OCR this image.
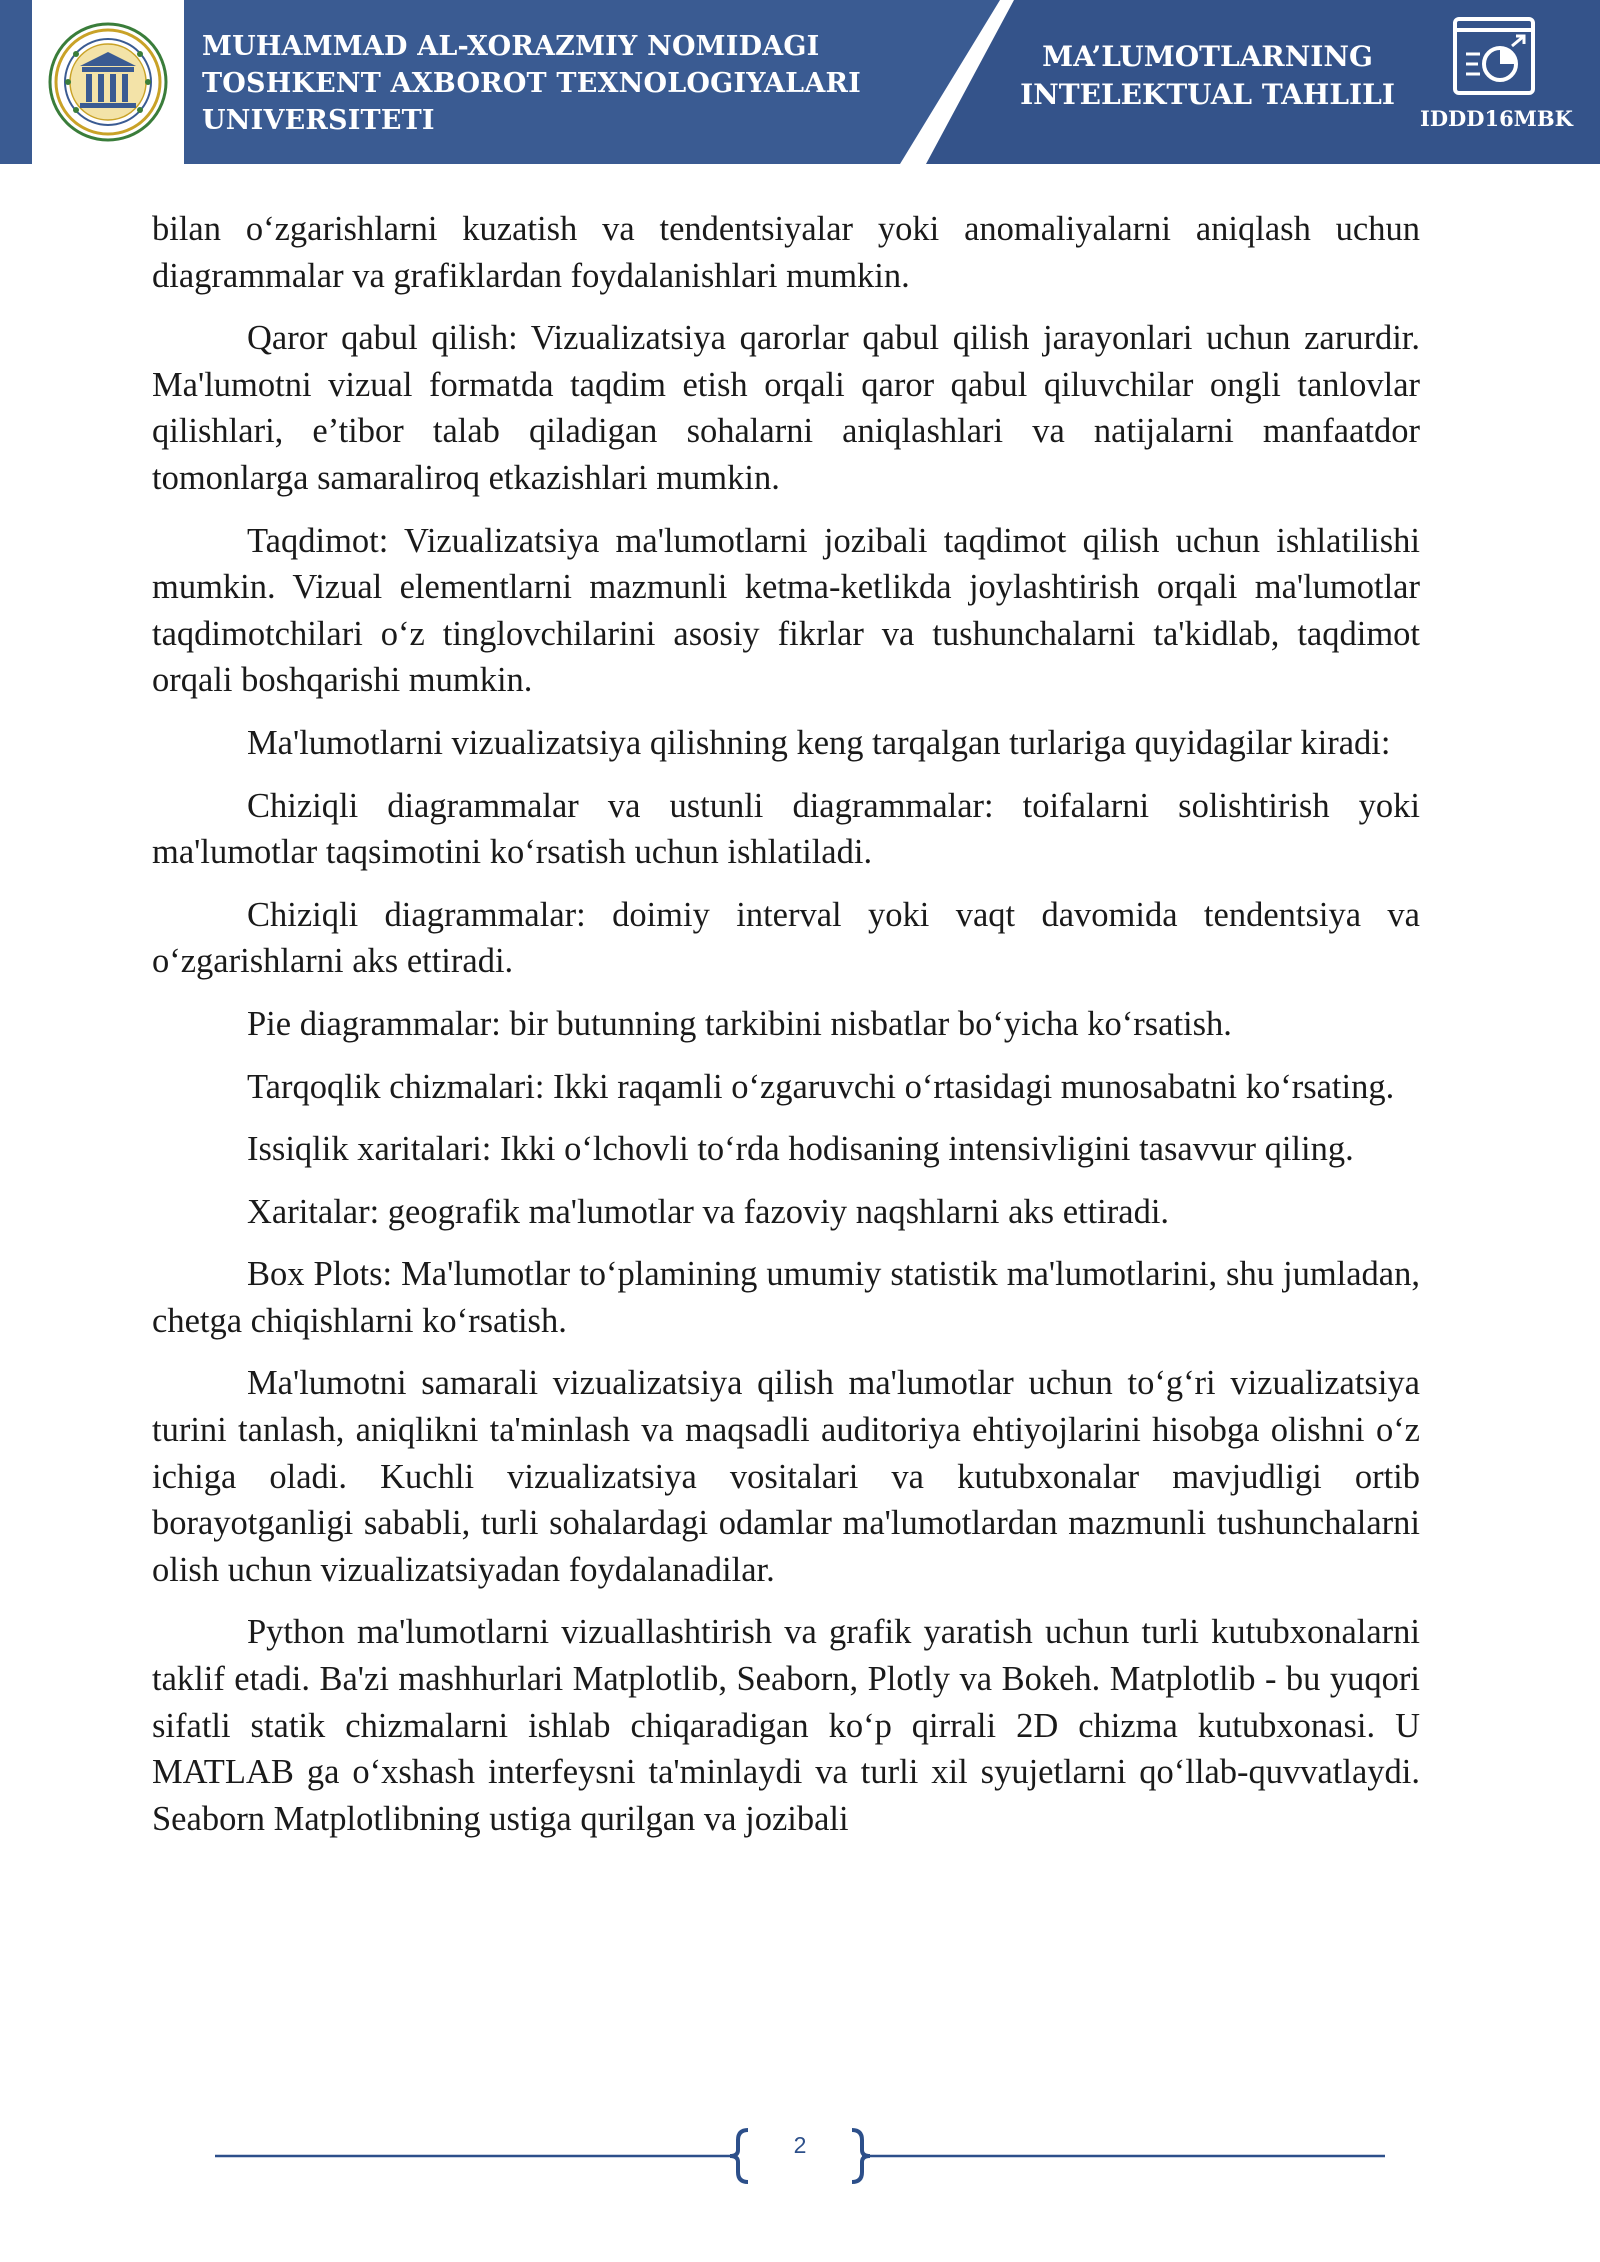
MUHAMMAD AL-XORAZMIY NOMIDAGI
TOSHKENT AXBOROT TEXNOLOGIYALARI
UNIVERSITETI
MA’LUMOTLARNING
INTELEKTUAL TAHLILI
IDDD16MBK

bilan o‘zgarishlarni kuzatish va tendentsiyalar yoki anomaliyalarni aniqlash uchun diagrammalar va grafiklardan foydalanishlari mumkin.

Qaror qabul qilish: Vizualizatsiya qarorlar qabul qilish jarayonlari uchun zarurdir. Ma'lumotni vizual formatda taqdim etish orqali qaror qabul qiluvchilar ongli tanlovlar qilishlari, e’tibor talab qiladigan sohalarni aniqlashlari va natijalarni manfaatdor tomonlarga samaraliroq etkazishlari mumkin.

Taqdimot: Vizualizatsiya ma'lumotlarni jozibali taqdimot qilish uchun ishlatilishi mumkin. Vizual elementlarni mazmunli ketma-ketlikda joylashtirish orqali ma'lumotlar taqdimotchilari o‘z tinglovchilarini asosiy fikrlar va tushunchalarni ta'kidlab, taqdimot orqali boshqarishi mumkin.

Ma'lumotlarni vizualizatsiya qilishning keng tarqalgan turlariga quyidagilar kiradi:

Chiziqli diagrammalar va ustunli diagrammalar: toifalarni solishtirish yoki ma'lumotlar taqsimotini ko‘rsatish uchun ishlatiladi.

Chiziqli diagrammalar: doimiy interval yoki vaqt davomida tendentsiya va o‘zgarishlarni aks ettiradi.

Pie diagrammalar: bir butunning tarkibini nisbatlar bo‘yicha ko‘rsatish.

Tarqoqlik chizmalari: Ikki raqamli o‘zgaruvchi o‘rtasidagi munosabatni ko‘rsating.

Issiqlik xaritalari: Ikki o‘lchovli to‘rda hodisaning intensivligini tasavvur qiling.

Xaritalar: geografik ma'lumotlar va fazoviy naqshlarni aks ettiradi.

Box Plots: Ma'lumotlar to‘plamining umumiy statistik ma'lumotlarini, shu jumladan, chetga chiqishlarni ko‘rsatish.

Ma'lumotni samarali vizualizatsiya qilish ma'lumotlar uchun to‘g‘ri vizualizatsiya turini tanlash, aniqlikni ta'minlash va maqsadli auditoriya ehtiyojlarini hisobga olishni o‘z ichiga oladi. Kuchli vizualizatsiya vositalari va kutubxonalar mavjudligi ortib borayotganligi sababli, turli sohalardagi odamlar ma'lumotlardan mazmunli tushunchalarni olish uchun vizualizatsiyadan foydalanadilar.

Python ma'lumotlarni vizuallashtirish va grafik yaratish uchun turli kutubxonalarni taklif etadi. Ba'zi mashhurlari Matplotlib, Seaborn, Plotly va Bokeh. Matplotlib - bu yuqori sifatli statik chizmalarni ishlab chiqaradigan ko‘p qirrali 2D chizma kutubxonasi. U MATLAB ga o‘xshash interfeysni ta'minlaydi va turli xil syujetlarni qo‘llab-quvvatlaydi. Seaborn Matplotlibning ustiga qurilgan va jozibali

2
